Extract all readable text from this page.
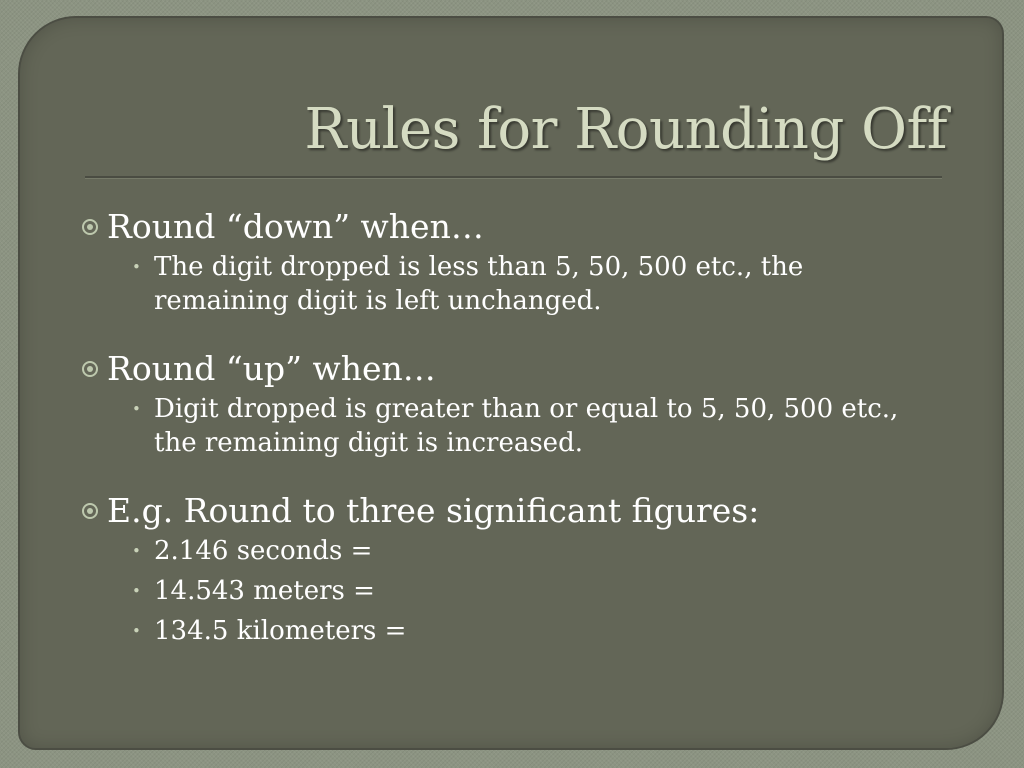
Rules for Rounding Off
Round “down” when…
• The digit dropped is less than 5, 50, 500 etc., the remaining digit is left unchanged.
Round “up” when…
• Digit dropped is greater than or equal to 5, 50, 500 etc., the remaining digit is increased.
E.g. Round to three significant figures:
• 2.146 seconds =
• 14.543 meters =
• 134.5 kilometers =
